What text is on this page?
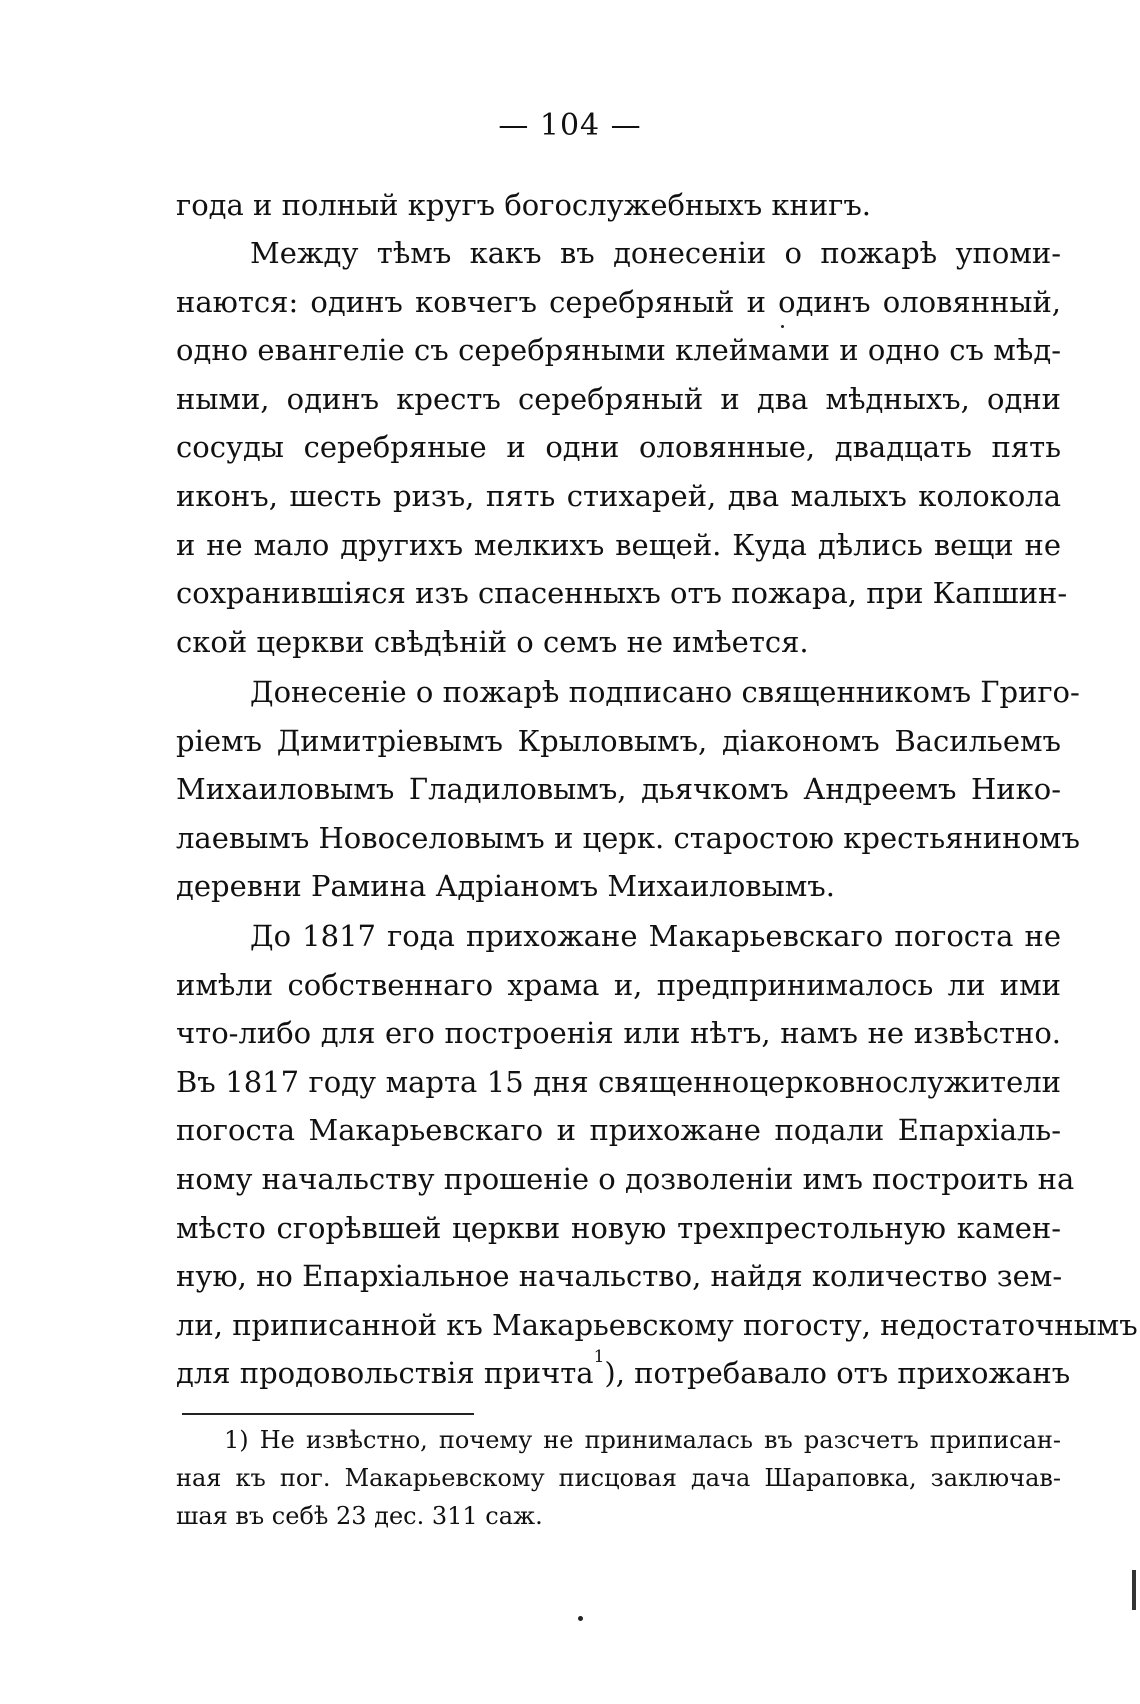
— 104 —
года и полный кругъ богослужебныхъ книгъ.
Между тѣмъ какъ въ донесеніи о пожарѣ упоми-
наются: одинъ ковчегъ серебряный и одинъ оловянный,
одно евангеліе съ серебряными клеймами и одно съ мѣд-
ными, одинъ крестъ серебряный и два мѣдныхъ, одни
сосуды серебряные и одни оловянные, двадцать пять
иконъ, шесть ризъ, пять стихарей, два малыхъ колокола
и не мало другихъ мелкихъ вещей. Куда дѣлись вещи не
сохранившіяся изъ спасенныхъ отъ пожара, при Капшин-
ской церкви свѣдѣній о семъ не имѣется.
Донесеніе о пожарѣ подписано священникомъ Григо-
ріемъ Димитріевымъ Крыловымъ, діакономъ Васильемъ
Михаиловымъ Гладиловымъ, дьячкомъ Андреемъ Нико-
лаевымъ Новоселовымъ и церк. старостою крестьяниномъ
деревни Рамина Адріаномъ Михаиловымъ.
До 1817 года прихожане Макарьевскаго погоста не
имѣли собственнаго храма и, предпринималось ли ими
что-либо для его построенія или нѣтъ, намъ не извѣстно.
Въ 1817 году марта 15 дня священноцерковнослужители
погоста Макарьевскаго и прихожане подали Епархіаль-
ному начальству прошеніе о дозволеніи имъ построить на
мѣсто сгорѣвшей церкви новую трехпрестольную камен-
ную, но Епархіальное начальство, найдя количество зем-
ли, приписанной къ Макарьевскому погосту, недостаточнымъ
для продовольствія причта$^1$), потребавало отъ прихожанъ
1) Не извѣстно, почему не принималась въ разсчетъ приписан-
ная къ пог. Макарьевскому писцовая дача Шараповка, заключав-
шая въ себѣ 23 дес. 311 саж.
